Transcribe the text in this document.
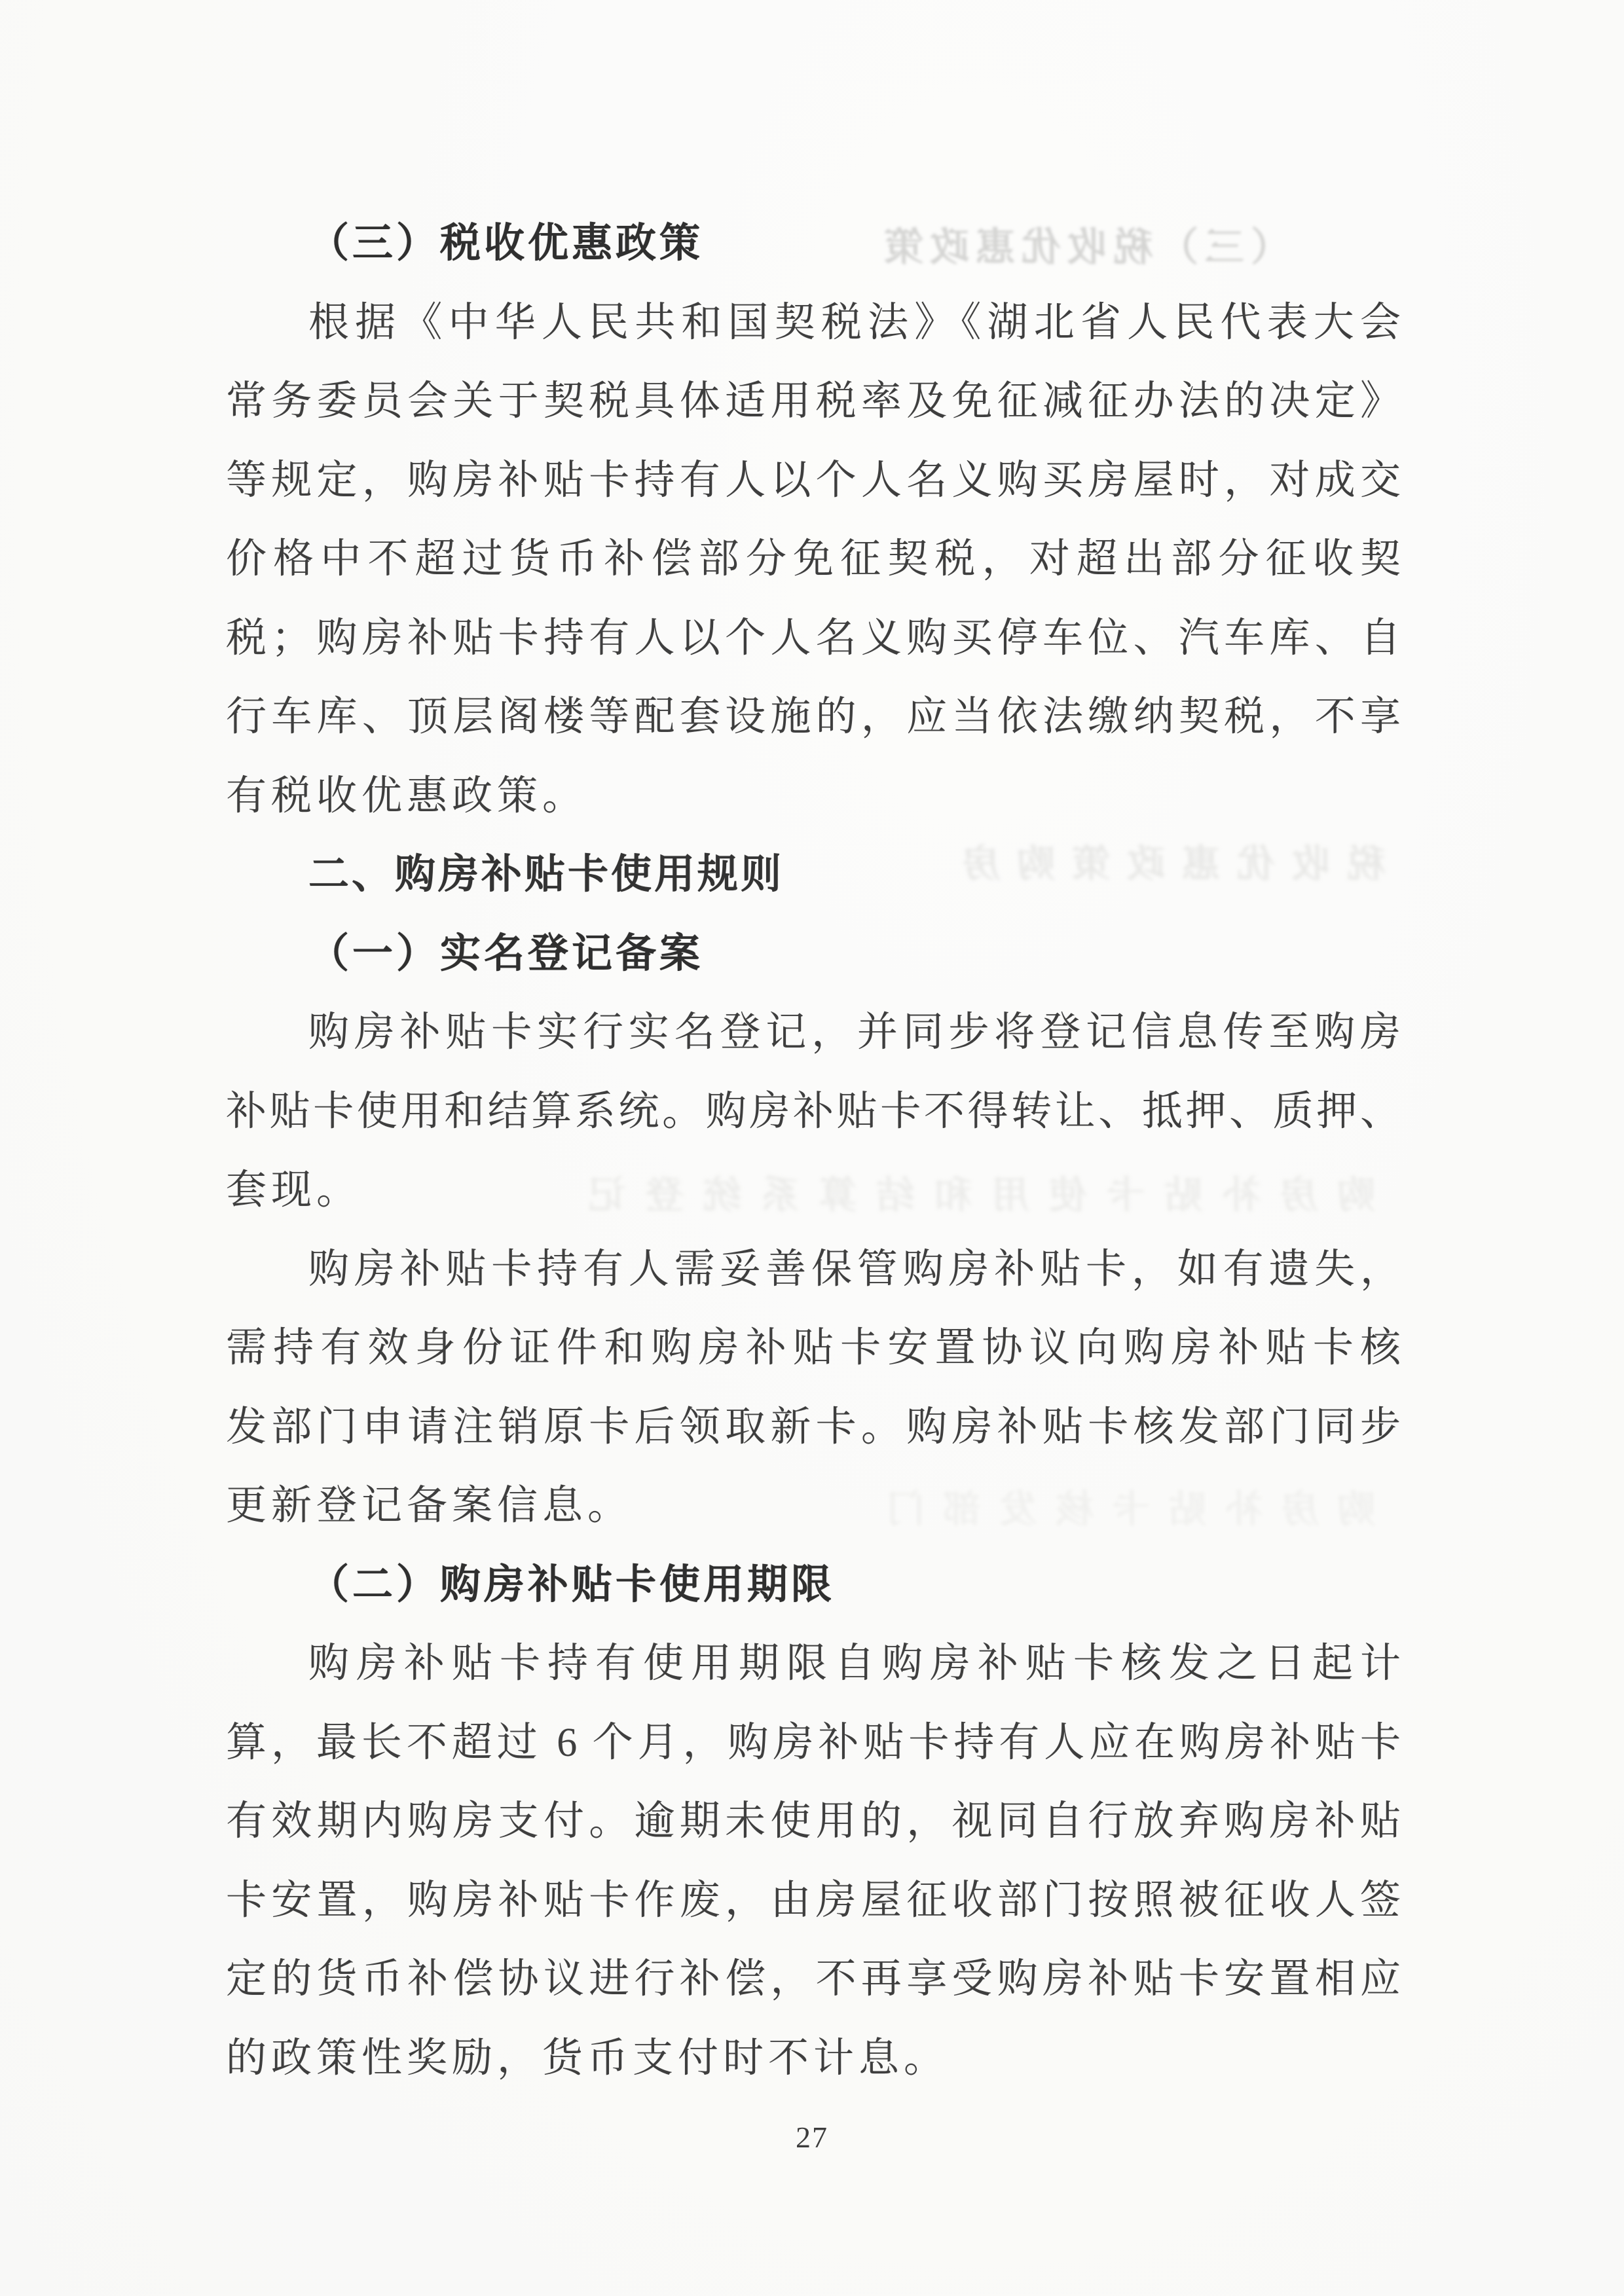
（三）税收优惠政策
税收优惠政策购房
购房补贴卡使用和结算系统登记
购房补贴卡核发部门
（三）税收优惠政策
根据《中华人民共和国契税法》《湖北省人民代表大会
常务委员会关于契税具体适用税率及免征减征办法的决定》
等规定，购房补贴卡持有人以个人名义购买房屋时，对成交
价格中不超过货币补偿部分免征契税，对超出部分征收契
税；购房补贴卡持有人以个人名义购买停车位、汽车库、自
行车库、顶层阁楼等配套设施的，应当依法缴纳契税，不享
有税收优惠政策。
二、购房补贴卡使用规则
（一）实名登记备案
购房补贴卡实行实名登记，并同步将登记信息传至购房
补贴卡使用和结算系统。购房补贴卡不得转让、抵押、质押、
套现。
购房补贴卡持有人需妥善保管购房补贴卡，如有遗失，
需持有效身份证件和购房补贴卡安置协议向购房补贴卡核
发部门申请注销原卡后领取新卡。购房补贴卡核发部门同步
更新登记备案信息。
（二）购房补贴卡使用期限
购房补贴卡持有使用期限自购房补贴卡核发之日起计
算，最长不超过 6 个月，购房补贴卡持有人应在购房补贴卡
有效期内购房支付。逾期未使用的，视同自行放弃购房补贴
卡安置，购房补贴卡作废，由房屋征收部门按照被征收人签
定的货币补偿协议进行补偿，不再享受购房补贴卡安置相应
的政策性奖励，货币支付时不计息。
27
